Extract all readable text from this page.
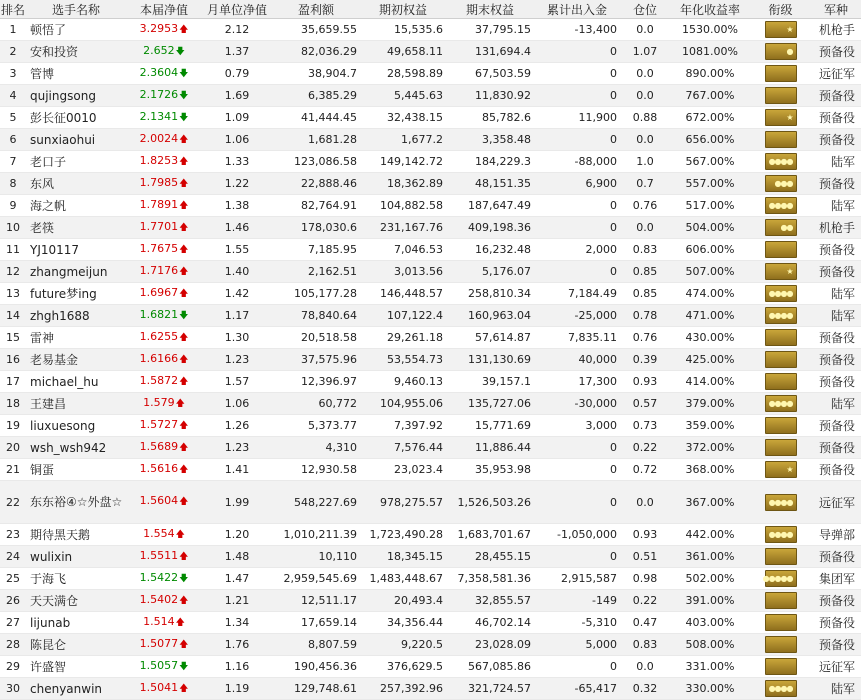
排名	选手名称	本届净值	月单位净值	盈利额	期初权益	期末权益	累计出入金	仓位	年化收益率	衔级	军种
1	顿悟了	3.2953🡅	2.12	35,659.55	15,535.6	37,795.15	-13,400	0.0	1530.00%	★	机枪手
2	安和投资	2.652🡇	1.37	82,036.29	49,658.11	131,694.4	0	1.07	1081.00%	●	预备役
3	管博	2.3604🡇	0.79	38,904.7	28,598.89	67,503.59	0	0.0	890.00%		远征军
4	qujingsong	2.1726🡇	1.69	6,385.29	5,445.63	11,830.92	0	0.0	767.00%		预备役
5	彭长征0010	2.1341🡇	1.09	41,444.45	32,438.15	85,782.6	11,900	0.88	672.00%	★	预备役
6	sunxiaohui	2.0024🡅	1.06	1,681.28	1,677.2	3,358.48	0	0.0	656.00%		预备役
7	老口子	1.8253🡅	1.33	123,086.58	149,142.72	184,229.3	-88,000	1.0	567.00%	●●●●	陆军
8	东风	1.7985🡅	1.22	22,888.46	18,362.89	48,151.35	6,900	0.7	557.00%	●●●	预备役
9	海之帆	1.7891🡅	1.38	82,764.91	104,882.58	187,647.49	0	0.76	517.00%	●●●●	陆军
10	老筷	1.7701🡅	1.46	178,030.6	231,167.76	409,198.36	0	0.0	504.00%	●●	机枪手
11	YJ10117	1.7675🡅	1.55	7,185.95	7,046.53	16,232.48	2,000	0.83	606.00%		预备役
12	zhangmeijun	1.7176🡅	1.40	2,162.51	3,013.56	5,176.07	0	0.85	507.00%	★	预备役
13	future梦ing	1.6967🡅	1.42	105,177.28	146,448.57	258,810.34	7,184.49	0.85	474.00%	●●●●	陆军
14	zhgh1688	1.6821🡇	1.17	78,840.64	107,122.4	160,963.04	-25,000	0.78	471.00%	●●●●	陆军
15	雷神	1.6255🡅	1.30	20,518.58	29,261.18	57,614.87	7,835.11	0.76	430.00%		预备役
16	老易基金	1.6166🡅	1.23	37,575.96	53,554.73	131,130.69	40,000	0.39	425.00%		预备役
17	michael_hu	1.5872🡅	1.57	12,396.97	9,460.13	39,157.1	17,300	0.93	414.00%		预备役
18	王建昌	1.579🡅	1.06	60,772	104,955.06	135,727.06	-30,000	0.57	379.00%	●●●●	陆军
19	liuxuesong	1.5727🡅	1.26	5,373.77	7,397.92	15,771.69	3,000	0.73	359.00%		预备役
20	wsh_wsh942	1.5689🡅	1.23	4,310	7,576.44	11,886.44	0	0.22	372.00%		预备役
21	铜蛋	1.5616🡅	1.41	12,930.58	23,023.4	35,953.98	0	0.72	368.00%	★	预备役
22	东东裕④☆外盘☆	1.5604🡅	1.99	548,227.69	978,275.57	1,526,503.26	0	0.0	367.00%	●●●●	远征军
23	期待黑天鹅	1.554🡅	1.20	1,010,211.39	1,723,490.28	1,683,701.67	-1,050,000	0.93	442.00%	●●●●	导弹部
24	wulixin	1.5511🡅	1.48	10,110	18,345.15	28,455.15	0	0.51	361.00%		预备役
25	于海飞	1.5422🡇	1.47	2,959,545.69	1,483,448.67	7,358,581.36	2,915,587	0.98	502.00%	●●●●●	集团军
26	天天满仓	1.5402🡅	1.21	12,511.17	20,493.4	32,855.57	-149	0.22	391.00%		预备役
27	lijunab	1.514🡅	1.34	17,659.14	34,356.44	46,702.14	-5,310	0.47	403.00%		预备役
28	陈昆仑	1.5077🡅	1.76	8,807.59	9,220.5	23,028.09	5,000	0.83	508.00%		预备役
29	许盛智	1.5057🡇	1.16	190,456.36	376,629.5	567,085.86	0	0.0	331.00%		远征军
30	chenyanwin	1.5041🡅	1.19	129,748.61	257,392.96	321,724.57	-65,417	0.32	330.00%	●●●●	陆军
